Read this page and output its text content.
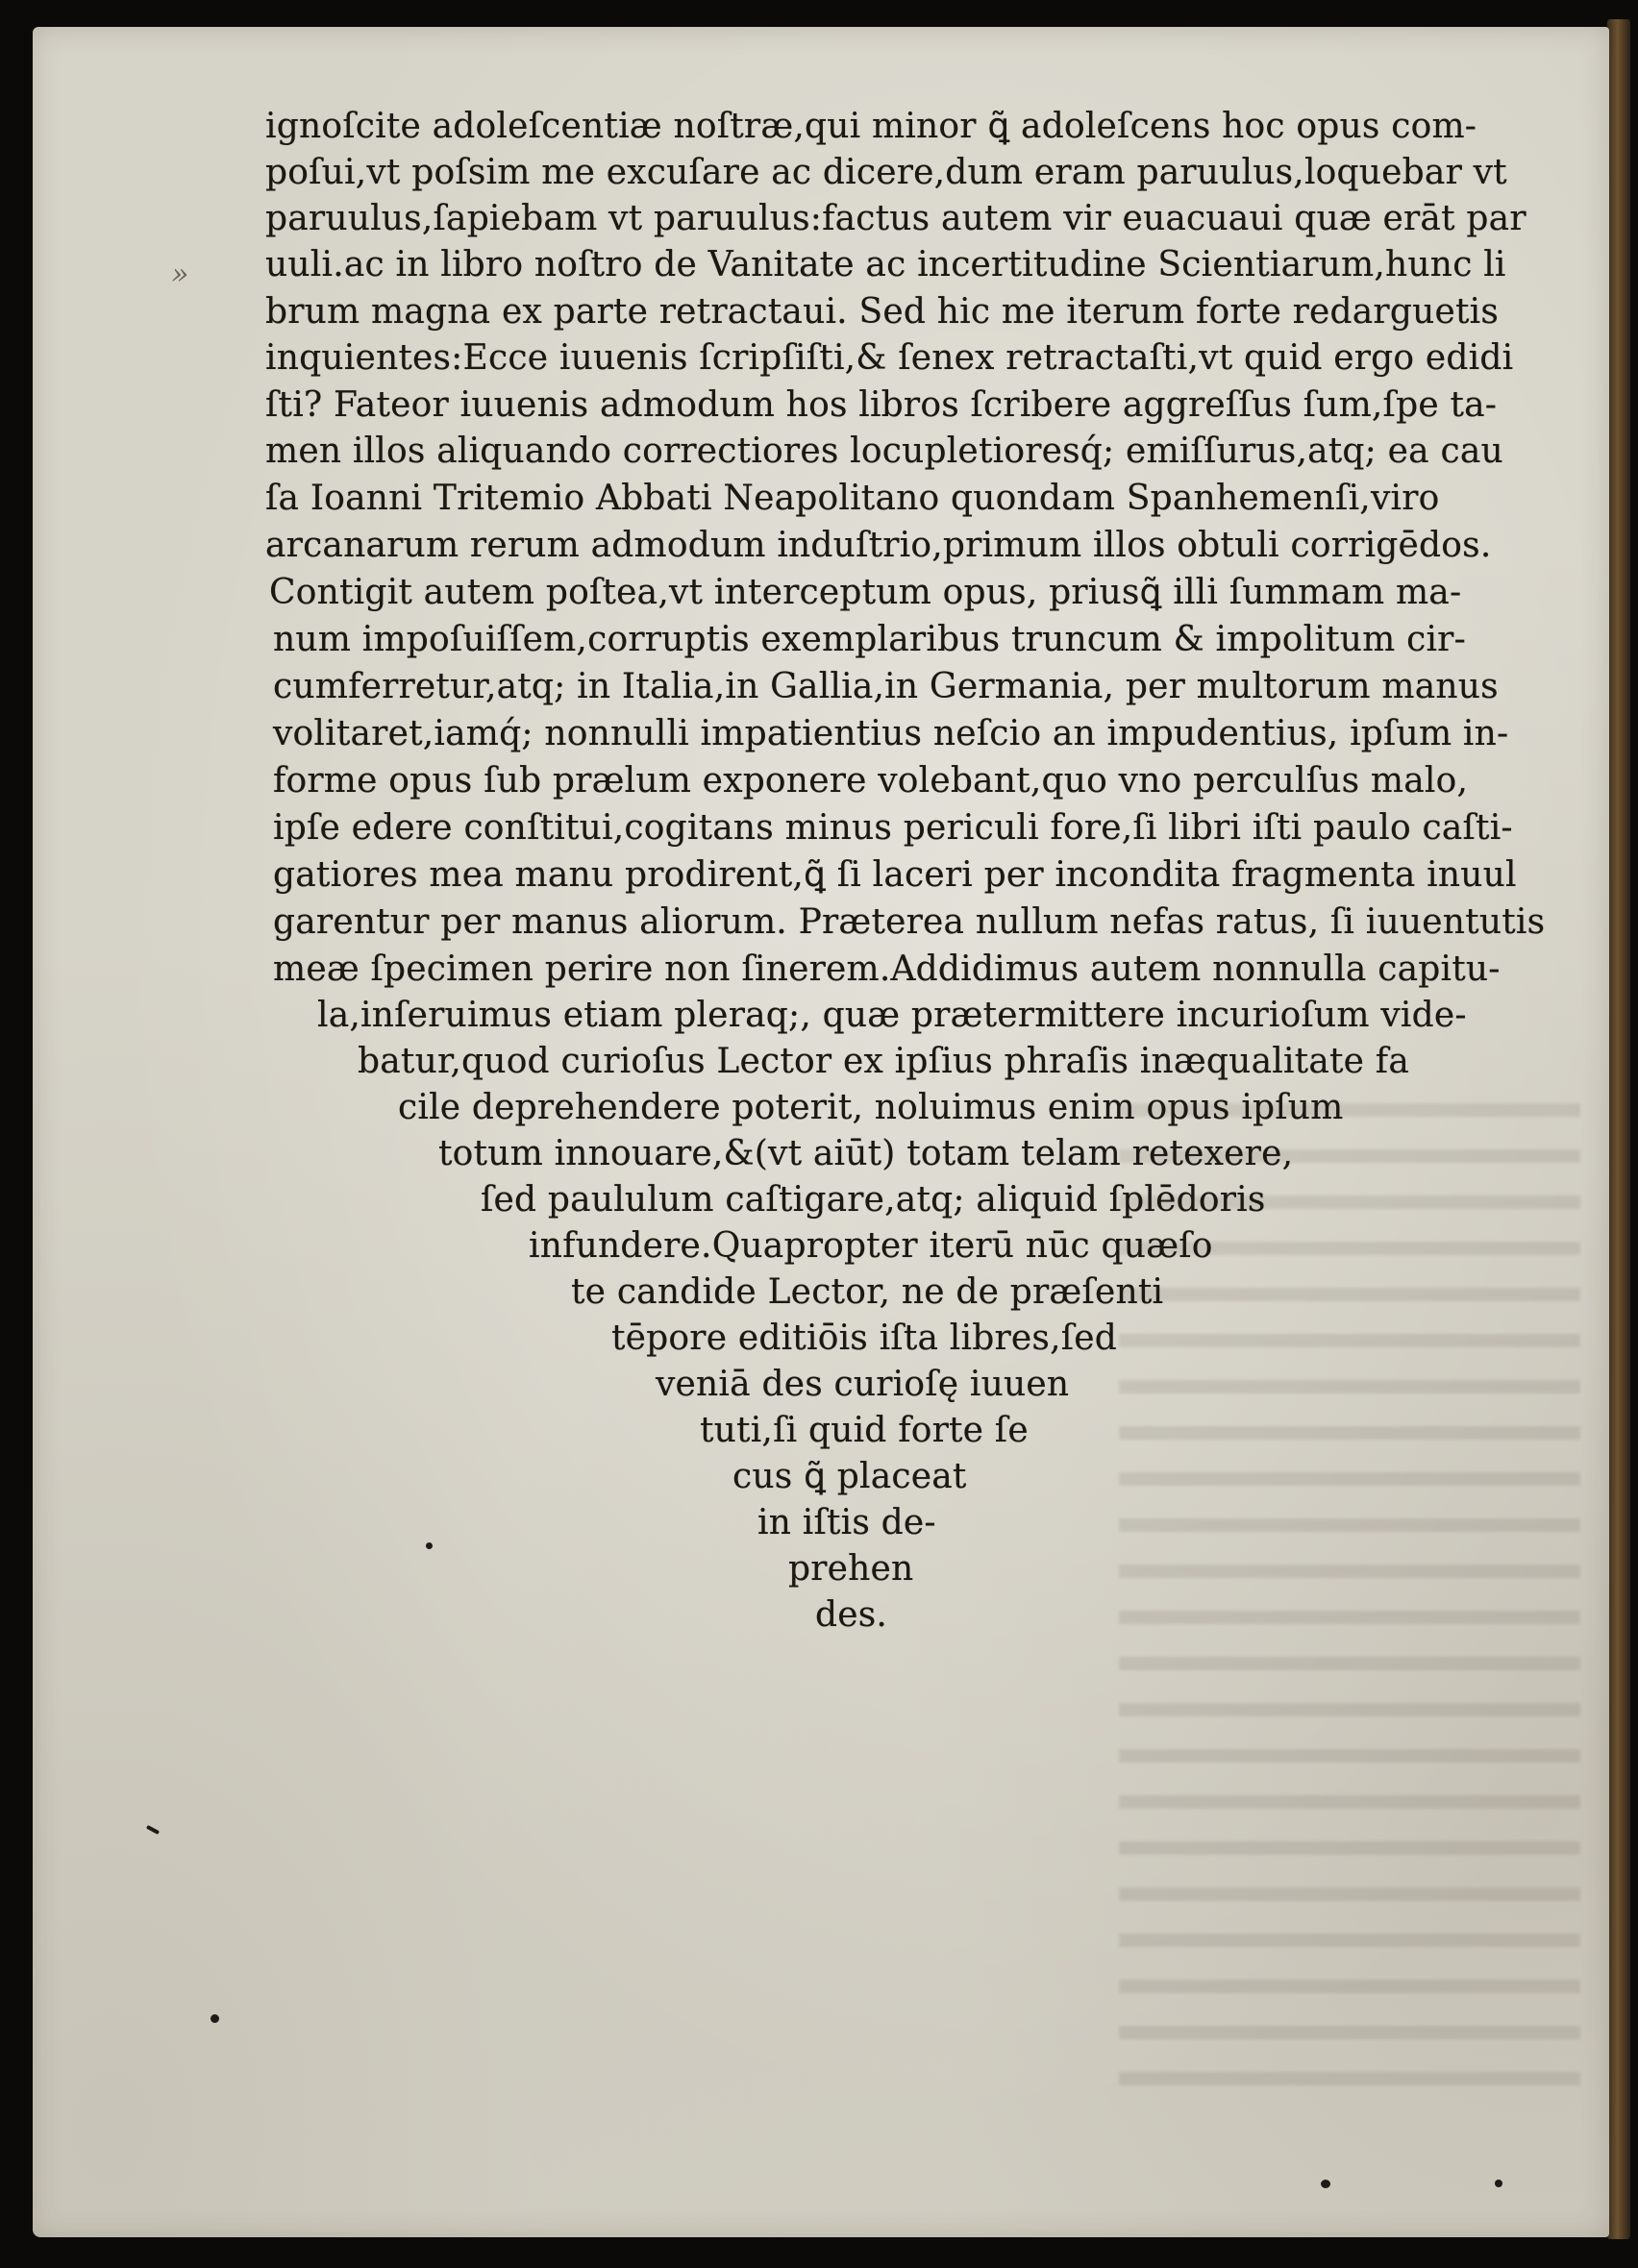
»
ignoſcite adoleſcentiæ noſtræ,qui minor ꝗ̃ adoleſcens hoc opus com-
poſui,vt poſsim me excuſare ac dicere,dum eram paruulus,loquebar vt
paruulus,ſapiebam vt paruulus:factus autem vir euacuaui quæ erāt par
uuli.ac in libro noſtro de Vanitate ac incertitudine Scientiarum,hunc li
brum magna ex parte retractaui. Sed hic me iterum forte redarguetis
inquientes:Ecce iuuenis ſcripſiſti,& ſenex retractaſti,vt quid ergo edidi
ſti? Fateor iuuenis admodum hos libros ſcribere aggreſſus ſum,ſpe ta-
men illos aliquando correctiores locupletioresq́; emiſſurus,atq; ea cau
ſa Ioanni Tritemio Abbati Neapolitano quondam Spanhemenſi,viro
arcanarum rerum admodum induſtrio,primum illos obtuli corrigēdos.
Contigit autem poſtea,vt interceptum opus, priusꝗ̃ illi ſummam ma-
num impoſuiſſem,corruptis exemplaribus truncum & impolitum cir-
cumferretur,atq; in Italia,in Gallia,in Germania, per multorum manus
volitaret,iamq́; nonnulli impatientius neſcio an impudentius, ipſum in-
forme opus ſub prælum exponere volebant,quo vno perculſus malo,
ipſe edere conſtitui,cogitans minus periculi fore,ſi libri iſti paulo caſti-
gatiores mea manu prodirent,ꝗ̃ ſi laceri per incondita fragmenta inuul
garentur per manus aliorum. Præterea nullum nefas ratus, ſi iuuentutis
meæ ſpecimen perire non ſinerem.Addidimus autem nonnulla capitu-
la,inſeruimus etiam pleraq;, quæ prætermittere incurioſum vide-
batur,quod curioſus Lector ex ipſius phraſis inæqualitate fa
cile deprehendere poterit, noluimus enim opus ipſum
totum innouare,&(vt aiūt) totam telam retexere,
ſed paululum caſtigare,atq; aliquid ſplēdoris
infundere.Quapropter iterū nūc quæſo
te candide Lector, ne de præſenti
tēpore editiōis iſta libres,ſed
veniā des curioſę iuuen
tuti,ſi quid forte ſe
cus ꝗ̃ placeat
in iſtis de-
prehen
des.
